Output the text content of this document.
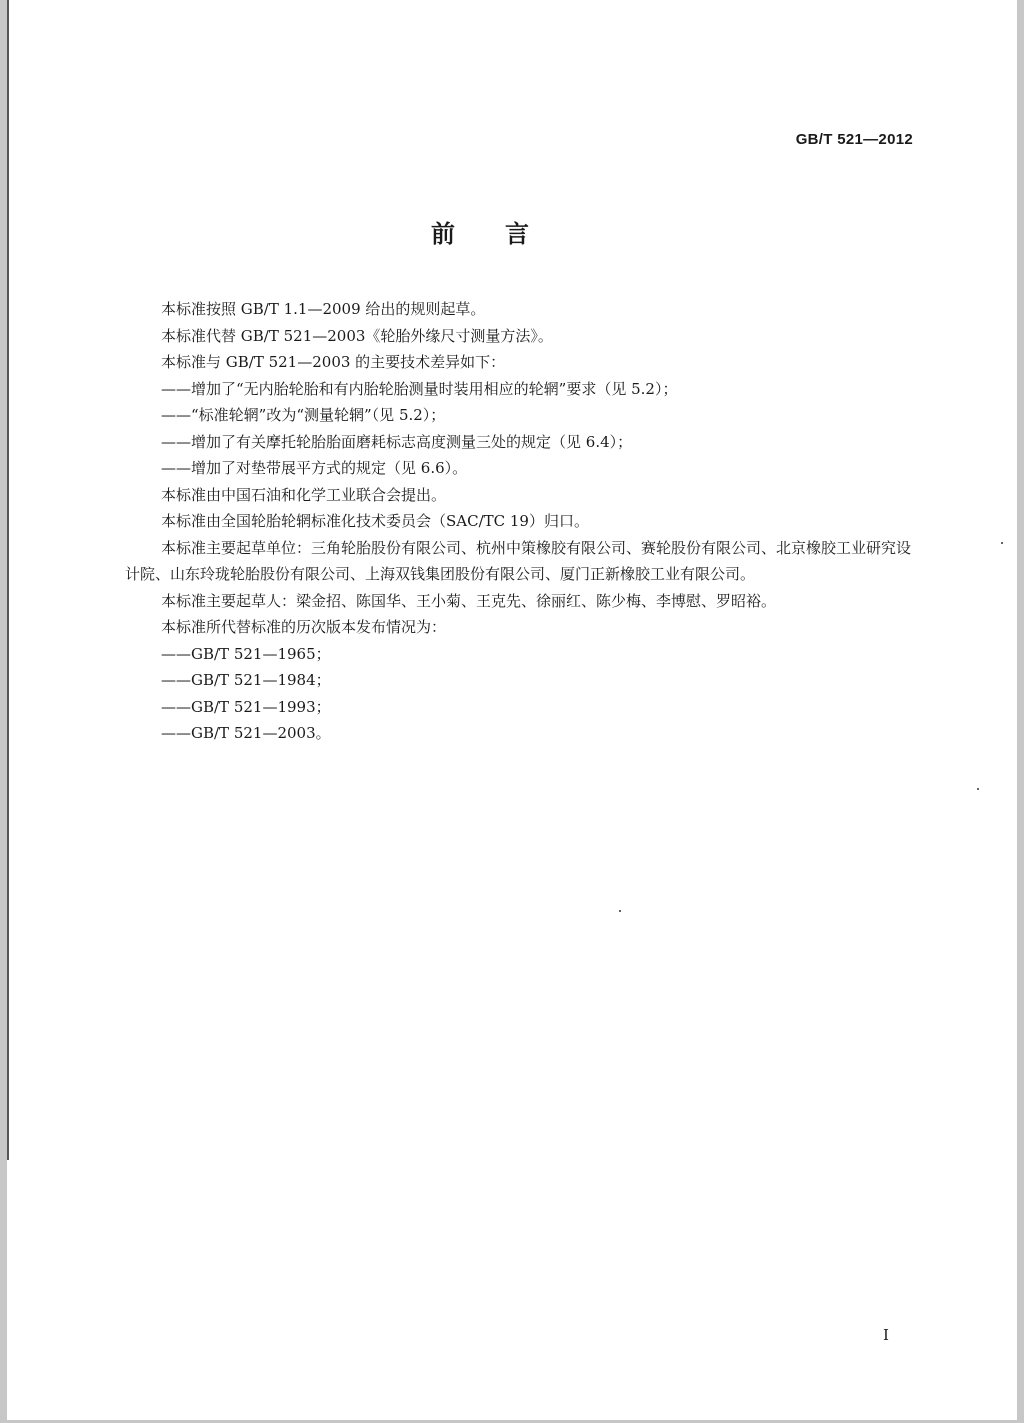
GB/T 521—2012
前言

本标准按照 GB/T 1.1—2009 给出的规则起草。

本标准代替 GB/T 521—2003《轮胎外缘尺寸测量方法》。

本标准与 GB/T 521—2003 的主要技术差异如下：

——增加了“无内胎轮胎和有内胎轮胎测量时装用相应的轮辋”要求（见 5.2）；

——“标准轮辋”改为“测量轮辋”（见 5.2）；

——增加了有关摩托轮胎胎面磨耗标志高度测量三处的规定（见 6.4）；

——增加了对垫带展平方式的规定（见 6.6）。

本标准由中国石油和化学工业联合会提出。

本标准由全国轮胎轮辋标准化技术委员会（SAC/TC 19）归口。

本标准主要起草单位：三角轮胎股份有限公司、杭州中策橡胶有限公司、赛轮股份有限公司、北京橡胶工业研究设计院、山东玲珑轮胎股份有限公司、上海双钱集团股份有限公司、厦门正新橡胶工业有限公司。

本标准主要起草人：梁金招、陈国华、王小菊、王克先、徐丽红、陈少梅、李博慰、罗昭裕。

本标准所代替标准的历次版本发布情况为：

——GB/T 521—1965；

——GB/T 521—1984；

——GB/T 521—1993；

——GB/T 521—2003。

I
